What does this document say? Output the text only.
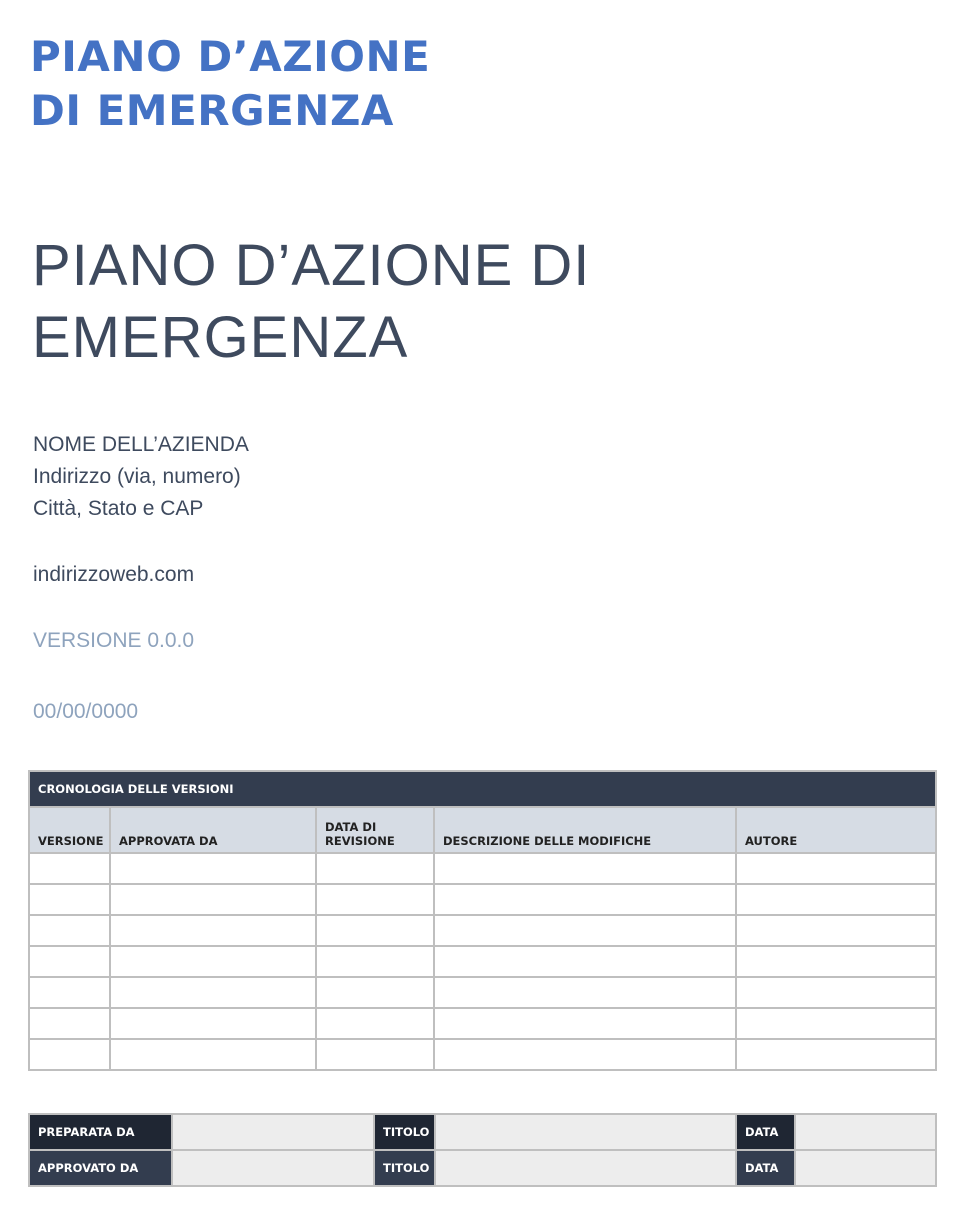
PIANO D’AZIONE
DI EMERGENZA
PIANO D’AZIONE DI
EMERGENZA
NOME DELL’AZIENDA
Indirizzo (via, numero)
Città, Stato e CAP
indirizzoweb.com
VERSIONE 0.0.0
00/00/0000
CRONOLOGIA DELLE VERSIONI				
VERSIONE	APPROVATA DA	DATA DI REVISIONE	DESCRIZIONE DELLE MODIFICHE	AUTORE

PREPARATA DA		TITOLO		DATA	
APPROVATO DA		TITOLO		DATA	
